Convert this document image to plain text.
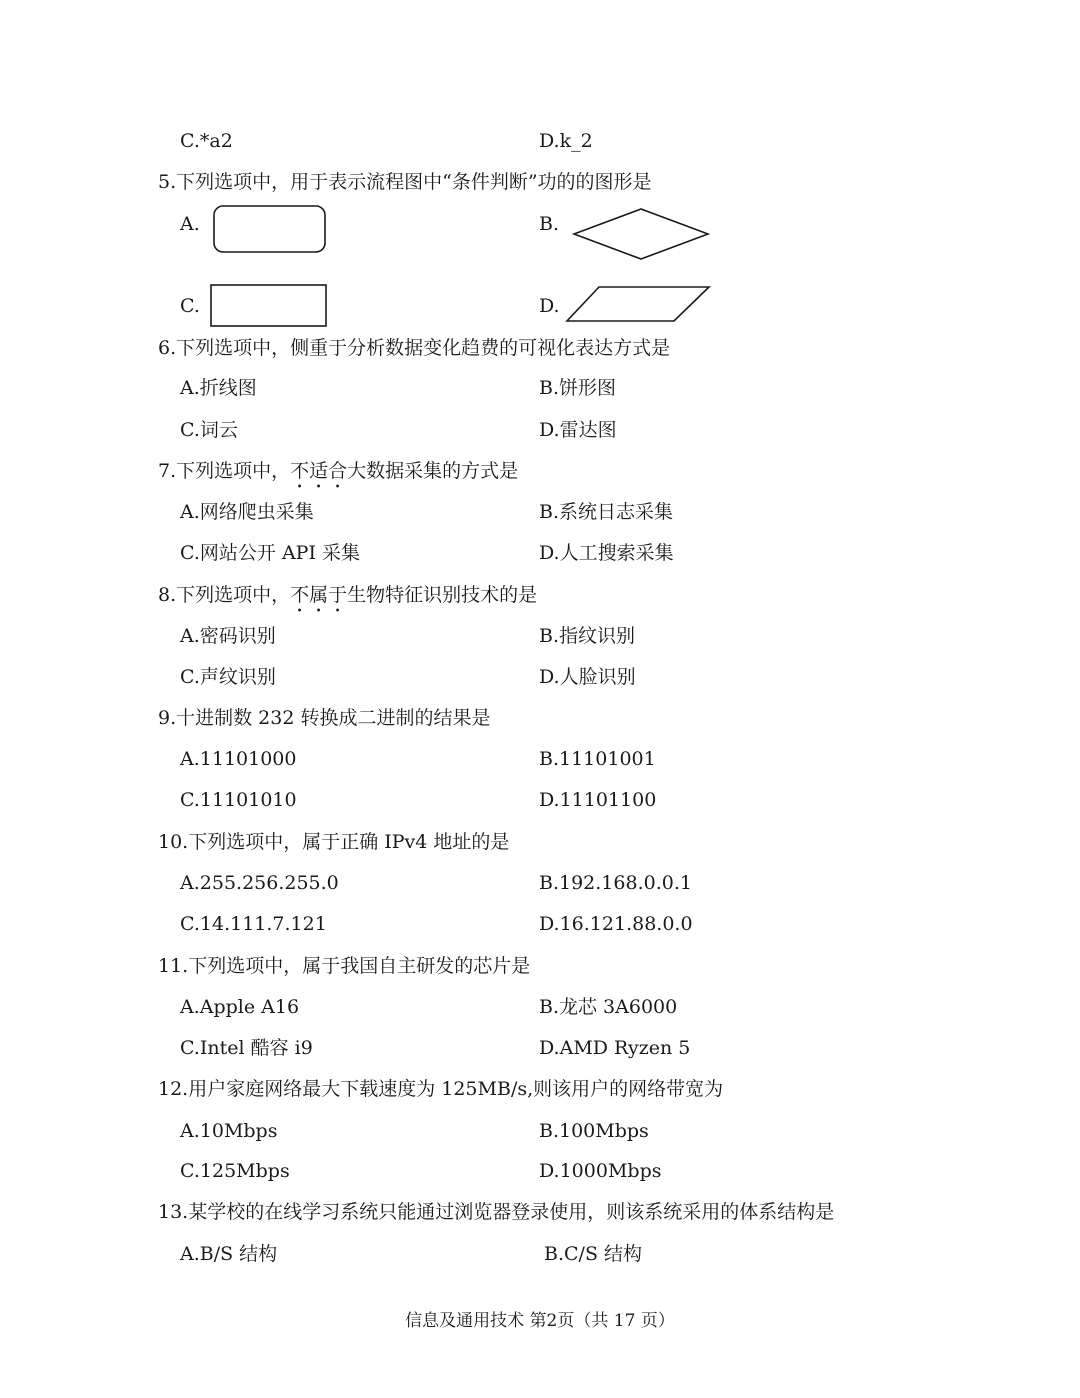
C.*a2	D.k_2
5.下列选项中，用于表示流程图中“条件判断”功的的图形是
A.	B.
C.	D.
6.下列选项中，侧重于分析数据变化趋费的可视化表达方式是
A.折线图	B.饼形图
C.词云	D.雷达图
7.下列选项中，不适合大数据采集的方式是
A.网络爬虫采集	B.系统日志采集
C.网站公开 API 采集	D.人工搜索采集
8.下列选项中，不属于生物特征识别技术的是
A.密码识别	B.指纹识别
C.声纹识别	D.人脸识别
9.十进制数 232 转换成二进制的结果是
A.11101000	B.11101001
C.11101010	D.11101100
10.下列选项中，属于正确 IPv4 地址的是
A.255.256.255.0	B.192.168.0.0.1
C.14.111.7.121	D.16.121.88.0.0
11.下列选项中，属于我国自主研发的芯片是
A.Apple A16	B.龙芯 3A6000
C.Intel 酷容 i9	D.AMD Ryzen 5
12.用户家庭网络最大下载速度为 125MB/s,则该用户的网络带宽为
A.10Mbps	B.100Mbps
C.125Mbps	D.1000Mbps
13.某学校的在线学习系统只能通过浏览器登录使用，则该系统采用的体系结构是
A.B/S 结构	B.C/S 结构
信息及通用技术 第2页（共 17 页）
